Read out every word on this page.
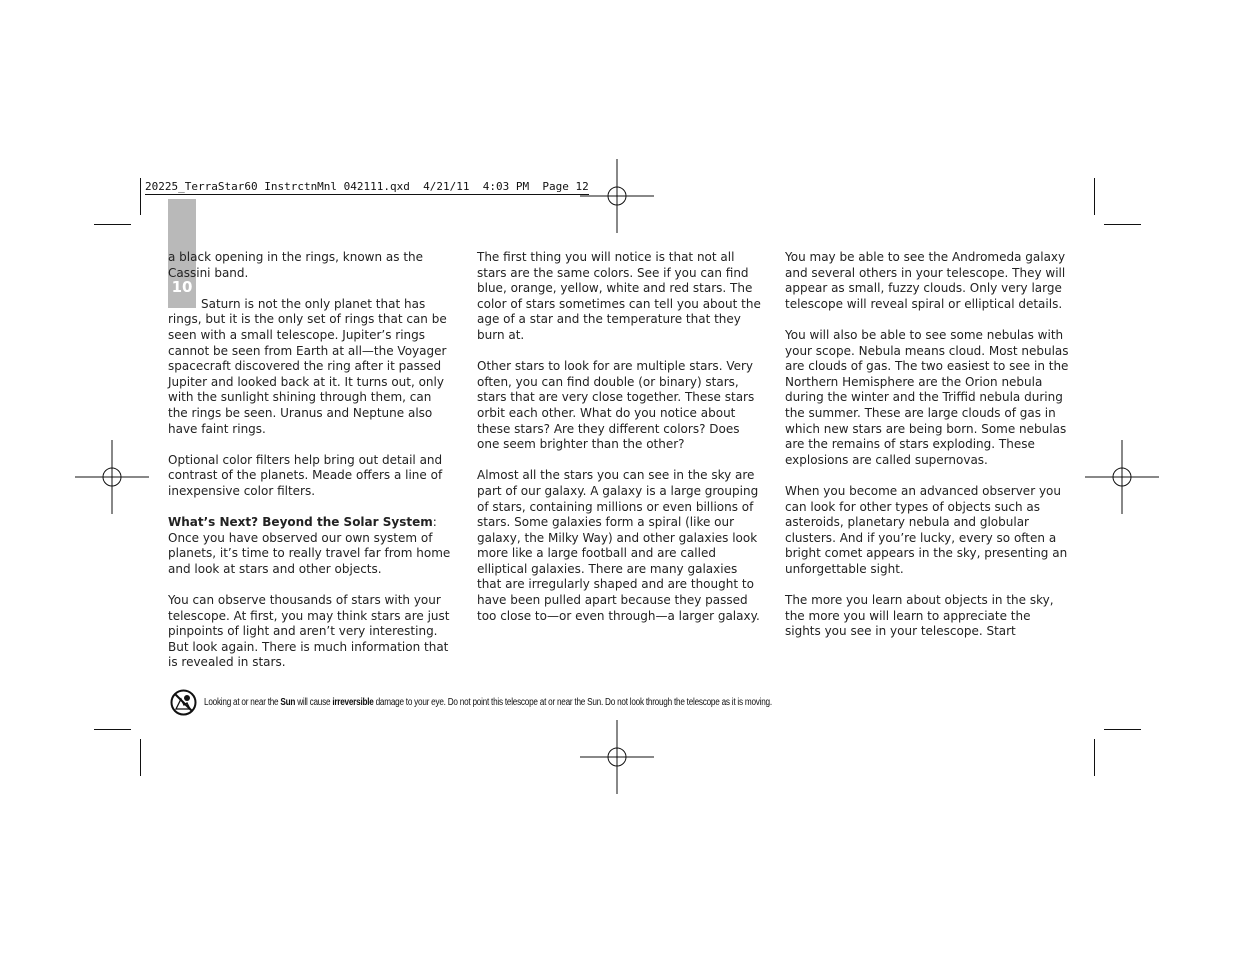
20225_TerraStar60 InstrctnMnl 042111.qxd  4/21/11  4:03 PM  Page 12
10

a black opening in the rings, known as the Cassini band.

Saturn is not the only planet that has rings, but it is the only set of rings that can be seen with a small telescope. Jupiter’s rings cannot be seen from Earth at all—the Voyager spacecraft discovered the ring after it passed Jupiter and looked back at it. It turns out, only with the sunlight shining through them, can the rings be seen. Uranus and Neptune also have faint rings.

Optional color filters help bring out detail and contrast of the planets. Meade offers a line of inexpensive color filters.

What’s Next? Beyond the Solar System: Once you have observed our own system of planets, it’s time to really travel far from home and look at stars and other objects.

You can observe thousands of stars with your telescope. At first, you may think stars are just pinpoints of light and aren’t very interesting. But look again. There is much information that is revealed in stars.

The first thing you will notice is that not all stars are the same colors. See if you can find blue, orange, yellow, white and red stars. The color of stars sometimes can tell you about the age of a star and the temperature that they burn at.

Other stars to look for are multiple stars. Very often, you can find double (or binary) stars, stars that are very close together. These stars orbit each other. What do you notice about these stars? Are they different colors? Does one seem brighter than the other?

Almost all the stars you can see in the sky are part of our galaxy. A galaxy is a large grouping of stars, containing millions or even billions of stars. Some galaxies form a spiral (like our galaxy, the Milky Way) and other galaxies look more like a large football and are called elliptical galaxies. There are many galaxies that are irregularly shaped and are thought to have been pulled apart because they passed too close to—or even through—a larger galaxy.

You may be able to see the Andromeda galaxy and several others in your telescope. They will appear as small, fuzzy clouds. Only very large telescope will reveal spiral or elliptical details.

You will also be able to see some nebulas with your scope. Nebula means cloud. Most nebulas are clouds of gas. The two easiest to see in the Northern Hemisphere are the Orion nebula during the winter and the Triffid nebula during the summer. These are large clouds of gas in which new stars are being born. Some nebulas are the remains of stars exploding. These explosions are called supernovas.

When you become an advanced observer you can look for other types of objects such as asteroids, planetary nebula and globular clusters. And if you’re lucky, every so often a bright comet appears in the sky, presenting an unforgettable sight.

The more you learn about objects in the sky, the more you will learn to appreciate the sights you see in your telescope. Start

Looking at or near the Sun will cause irreversible damage to your eye. Do not point this telescope at or near the Sun. Do not look through the telescope as it is moving.
